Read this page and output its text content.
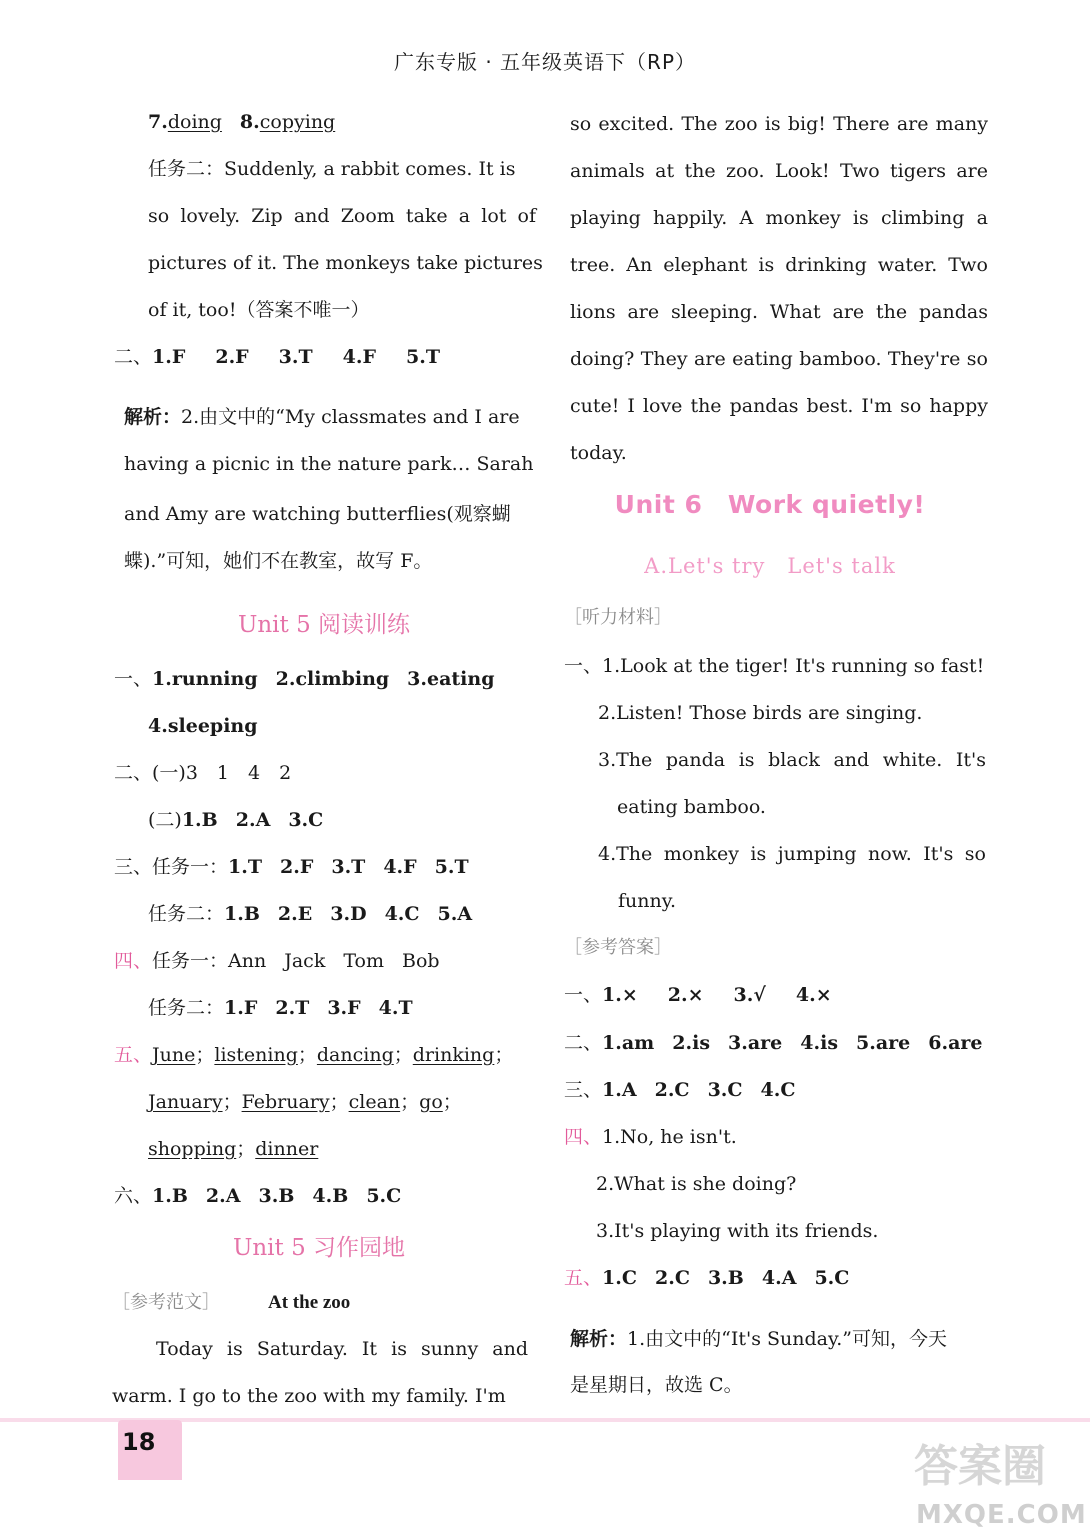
广东专版 · 五年级英语下（RP）
7.doing 8.copying
任务二：Suddenly, a rabbit comes. It is
so lovely. Zip and Zoom take a lot of
pictures of it. The monkeys take pictures
of it, too!（答案不唯一）
二、1.F 2.F 3.T 4.F 5.T
解析：2.由文中的“My classmates and I are
having a picnic in the nature park… Sarah
and Amy are watching butterflies(观察蝴
蝶).”可知，她们不在教室，故写 F。
Unit 5 阅读训练
一、1.running 2.climbing 3.eating
4.sleeping
二、(一)3　1　4　2
(二)1.B 2.A 3.C
三、任务一：1.T 2.F 3.T 4.F 5.T
任务二：1.B 2.E 3.D 4.C 5.A
四、任务一：Ann Jack Tom Bob
任务二：1.F 2.T 3.F 4.T
五、June；listening；dancing；drinking；
January；February；clean；go；
shopping；dinner
六、1.B 2.A 3.B 4.B 5.C
Unit 5 习作园地
［参考范文］	At the zoo
Today is Saturday. It is sunny and
warm. I go to the zoo with my family. I'm
so excited. The zoo is big! There are many
animals at the zoo. Look! Two tigers are
playing happily. A monkey is climbing a
tree. An elephant is drinking water. Two
lions are sleeping. What are the pandas
doing? They are eating bamboo. They're so
cute! I love the pandas best. I'm so happy
today.
Unit 6　Work quietly!
A.Let's try　Let's talk
［听力材料］
一、1.Look at the tiger! It's running so fast!
2.Listen! Those birds are singing.
3.The panda is black and white. It's
eating bamboo.
4.The monkey is jumping now. It's so
funny.
［参考答案］
一、1.× 2.× 3.√ 4.×
二、1.am 2.is 3.are 4.is 5.are 6.are
三、1.A 2.C 3.C 4.C
四、1.No, he isn't.
2.What is she doing?
3.It's playing with its friends.
五、1.C 2.C 3.B 4.A 5.C
解析：1.由文中的“It's Sunday.”可知，今天
是星期日，故选 C。
18	答案圈
MXQE.COM
